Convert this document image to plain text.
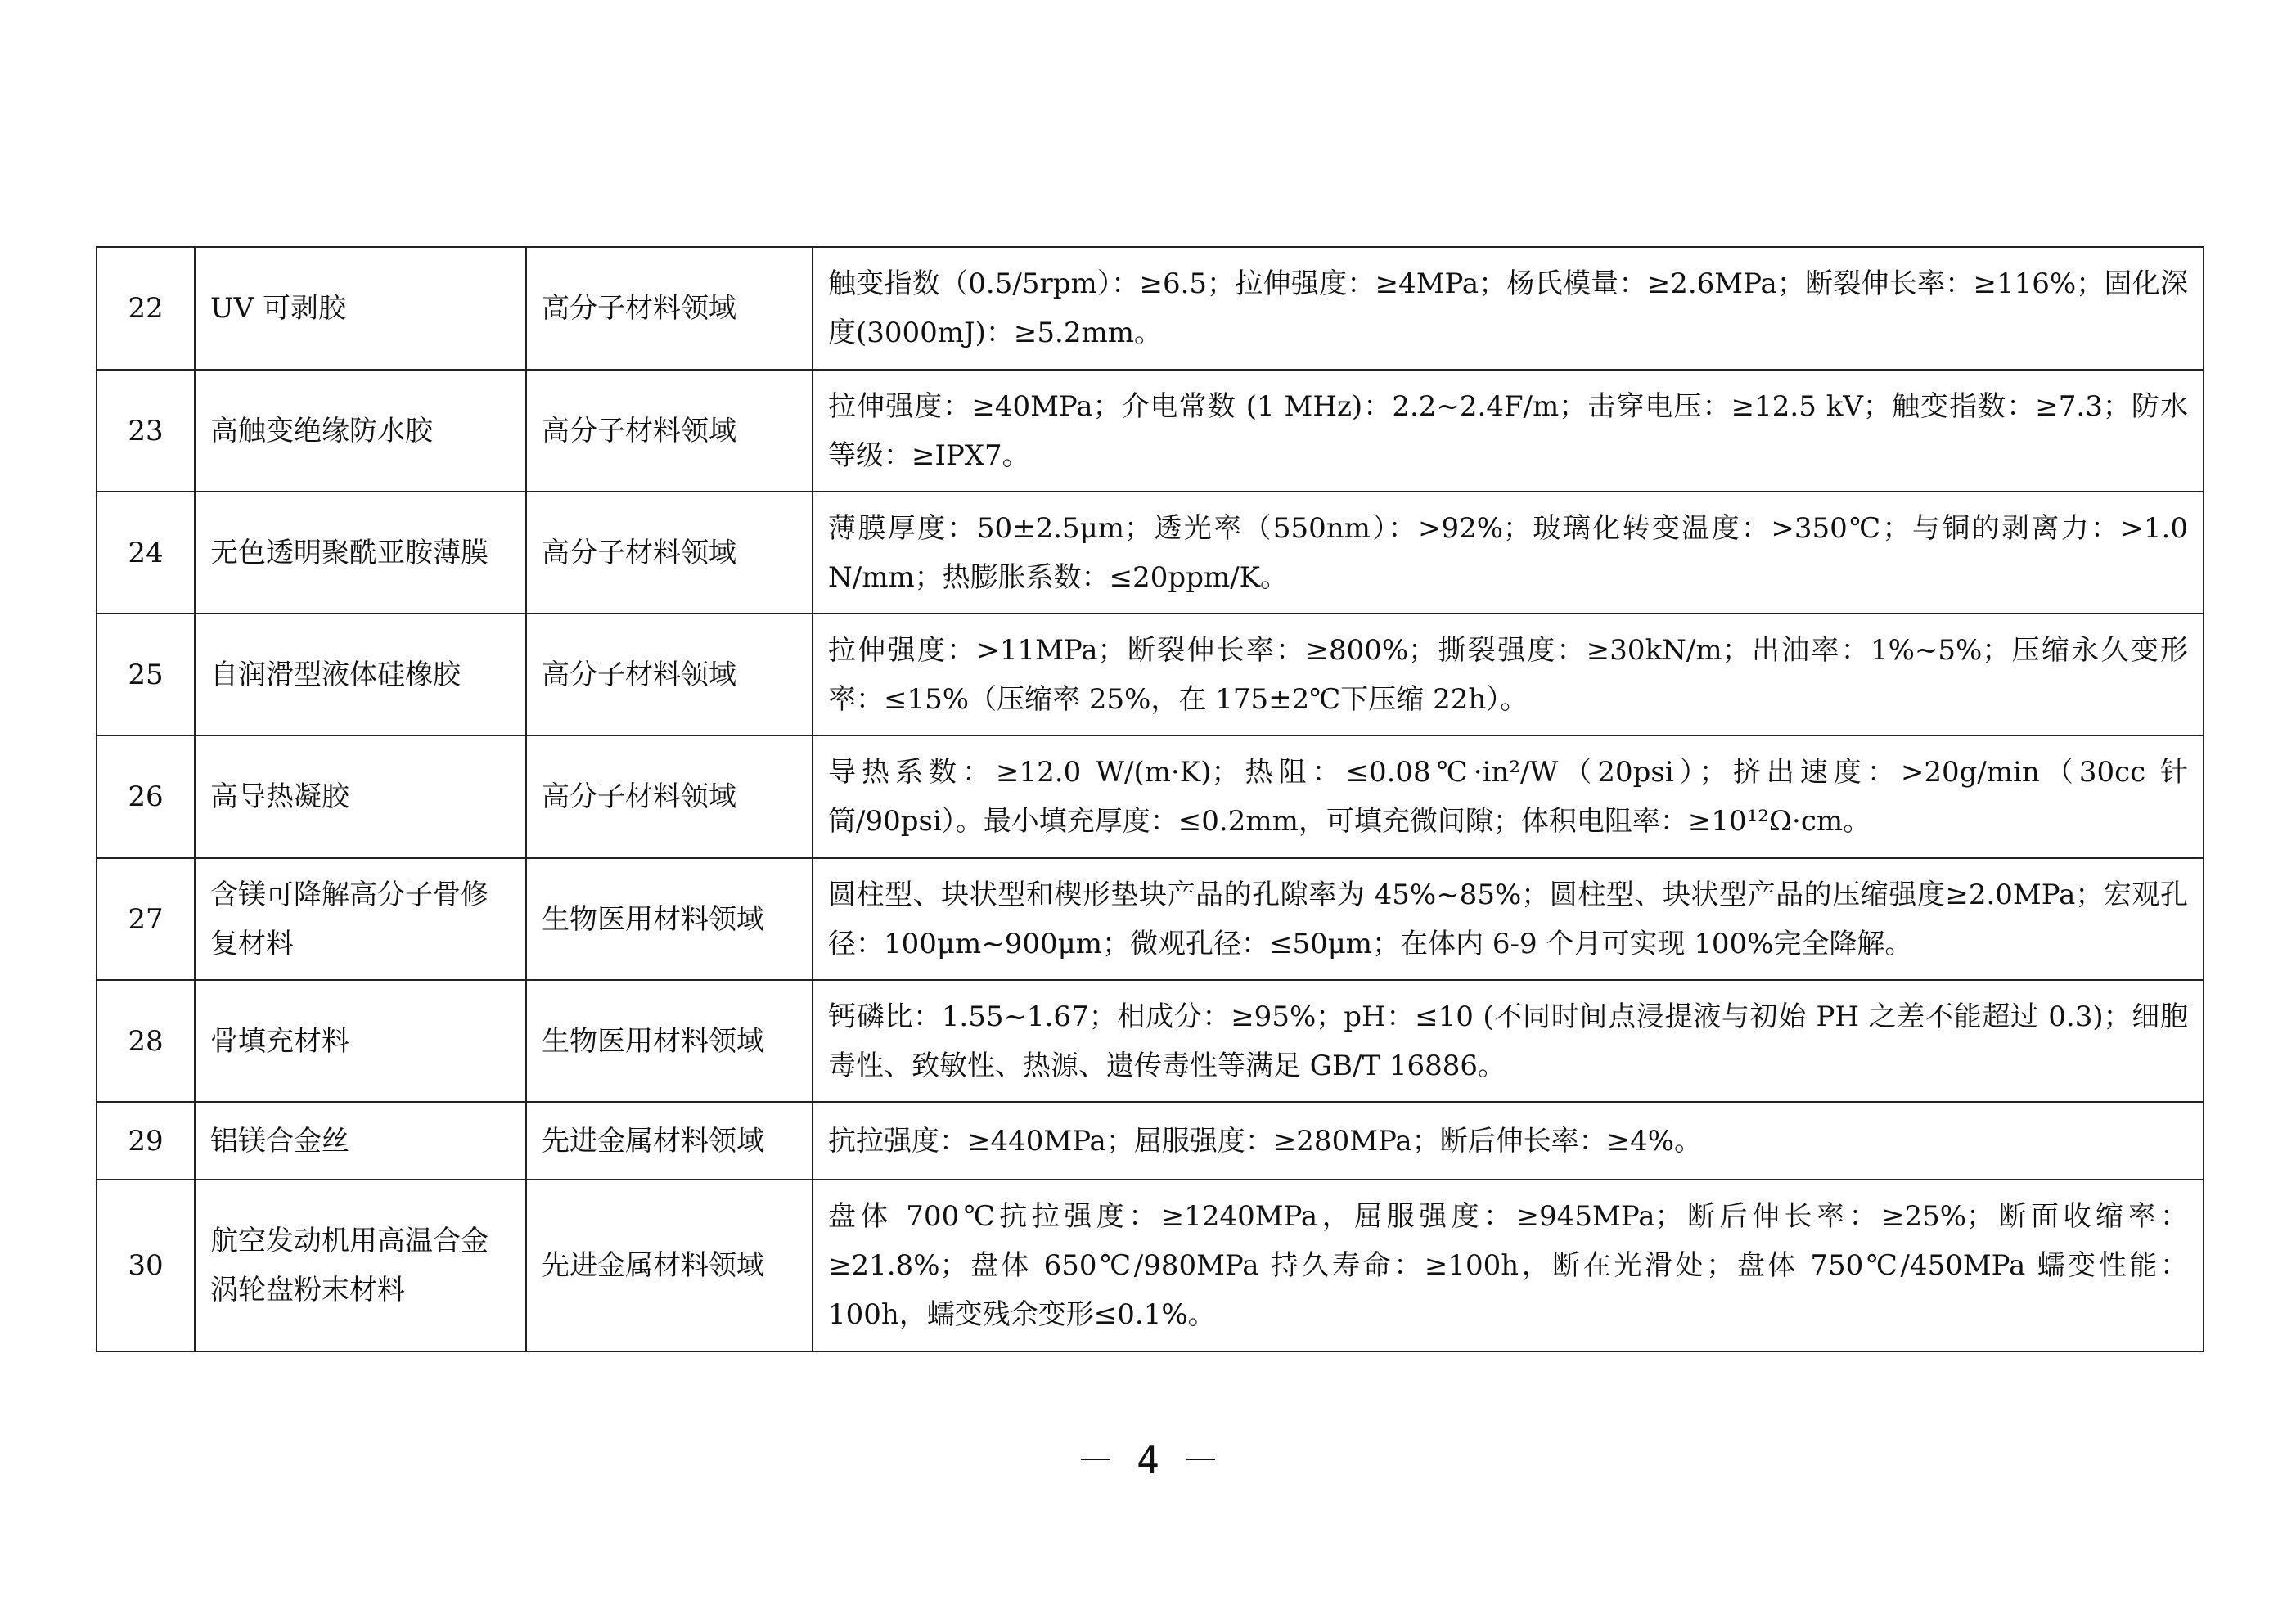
22	UV 可剥胶	高分子材料领域	触变指数（0.5/5rpm）：≥6.5；拉伸强度：≥4MPa；杨氏模量：≥2.6MPa；断裂伸长率：≥116%；固化深度(3000mJ)：≥5.2mm。
23	高触变绝缘防水胶	高分子材料领域	拉伸强度：≥40MPa；介电常数 (1 MHz)：2.2~2.4F/m；击穿电压：≥12.5 kV；触变指数：≥7.3；防水等级：≥IPX7。
24	无色透明聚酰亚胺薄膜	高分子材料领域	薄膜厚度：50±2.5μm；透光率（550nm）：>92%；玻璃化转变温度：>350℃；与铜的剥离力：>1.0 N/mm；热膨胀系数：≤20ppm/K。
25	自润滑型液体硅橡胶	高分子材料领域	拉伸强度：>11MPa；断裂伸长率：≥800%；撕裂强度：≥30kN/m；出油率：1%~5%；压缩永久变形率：≤15%（压缩率 25%，在 175±2℃下压缩 22h）。
26	高导热凝胶	高分子材料领域	导热系数：≥12.0 W/(m·K)；热阻：≤0.08℃·in²/W（20psi）；挤出速度：>20g/min（30cc 针筒/90psi）。最小填充厚度：≤0.2mm，可填充微间隙；体积电阻率：≥10¹²Ω·cm。
27	含镁可降解高分子骨修复材料	生物医用材料领域	圆柱型、块状型和楔形垫块产品的孔隙率为 45%~85%；圆柱型、块状型产品的压缩强度≥2.0MPa；宏观孔径：100μm~900μm；微观孔径：≤50μm；在体内 6-9 个月可实现 100%完全降解。
28	骨填充材料	生物医用材料领域	钙磷比：1.55~1.67；相成分：≥95%；pH：≤10 (不同时间点浸提液与初始 PH 之差不能超过 0.3)；细胞毒性、致敏性、热源、遗传毒性等满足 GB/T 16886。
29	铝镁合金丝	先进金属材料领域	抗拉强度：≥440MPa；屈服强度：≥280MPa；断后伸长率：≥4%。
30	航空发动机用高温合金涡轮盘粉末材料	先进金属材料领域	盘体 700℃抗拉强度：≥1240MPa，屈服强度：≥945MPa；断后伸长率：≥25%；断面收缩率：≥21.8%；盘体 650℃/980MPa 持久寿命：≥100h，断在光滑处；盘体 750℃/450MPa 蠕变性能：100h，蠕变残余变形≤0.1%。
－ 4 －
